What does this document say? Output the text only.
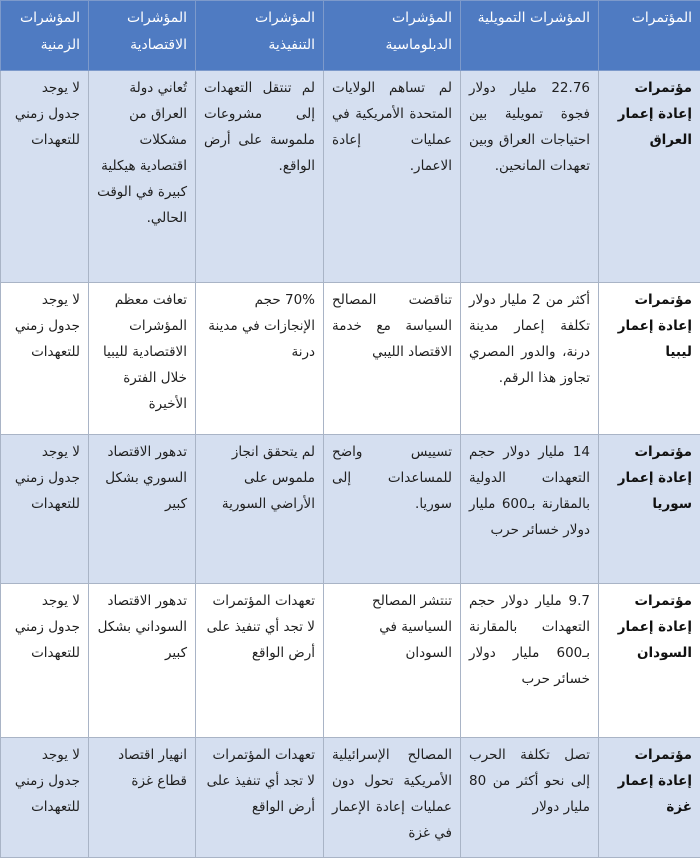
المؤتمرات	المؤشرات التمويلية	المؤشرات الدبلوماسية	المؤشرات التنفيذية	المؤشرات الاقتصادية	المؤشرات الزمنية
مؤتمرات إعادة إعمار العراق	22.76 مليار دولار فجوة تمويلية بين احتياجات العراق وبين تعهدات المانحين.	لم تساهم الولايات المتحدة الأمريكية في عمليات إعادة الاعمار.	لم تنتقل التعهدات إلى مشروعات ملموسة على أرض الواقع.	تُعاني دولة العراق من مشكلات اقتصادية هيكلية كبيرة في الوقت الحالي.	لا يوجد جدول زمني للتعهدات
مؤتمرات إعادة إعمار ليبيا	أكثر من 2 مليار دولار تكلفة إعمار مدينة درنة، والدور المصري تجاوز هذا الرقم.	تناقضت المصالح السياسة مع خدمة الاقتصاد الليبي	70% حجم الإنجازات في مدينة درنة	تعافت معظم المؤشرات الاقتصادية لليبيا خلال الفترة الأخيرة	لا يوجد جدول زمني للتعهدات
مؤتمرات إعادة إعمار سوريا	14 مليار دولار حجم التعهدات الدولية بالمقارنة بـ600 مليار دولار خسائر حرب	تسييس واضح للمساعدات إلى سوريا.	لم يتحقق انجاز ملموس على الأراضي السورية	تدهور الاقتصاد السوري بشكل كبير	لا يوجد جدول زمني للتعهدات
مؤتمرات إعادة إعمار السودان	9.7 مليار دولار حجم التعهدات بالمقارنة بـ600 مليار دولار خسائر حرب	تنتشر المصالح السياسية في السودان	تعهدات المؤتمرات لا تجد أي تنفيذ على أرض الواقع	تدهور الاقتصاد السوداني بشكل كبير	لا يوجد جدول زمني للتعهدات
مؤتمرات إعادة إعمار غزة	تصل تكلفة الحرب إلى نحو أكثر من 80 مليار دولار	المصالح الإسرائيلية الأمريكية تحول دون عمليات إعادة الإعمار في غزة	تعهدات المؤتمرات لا تجد أي تنفيذ على أرض الواقع	انهيار اقتصاد قطاع غزة	لا يوجد جدول زمني للتعهدات
